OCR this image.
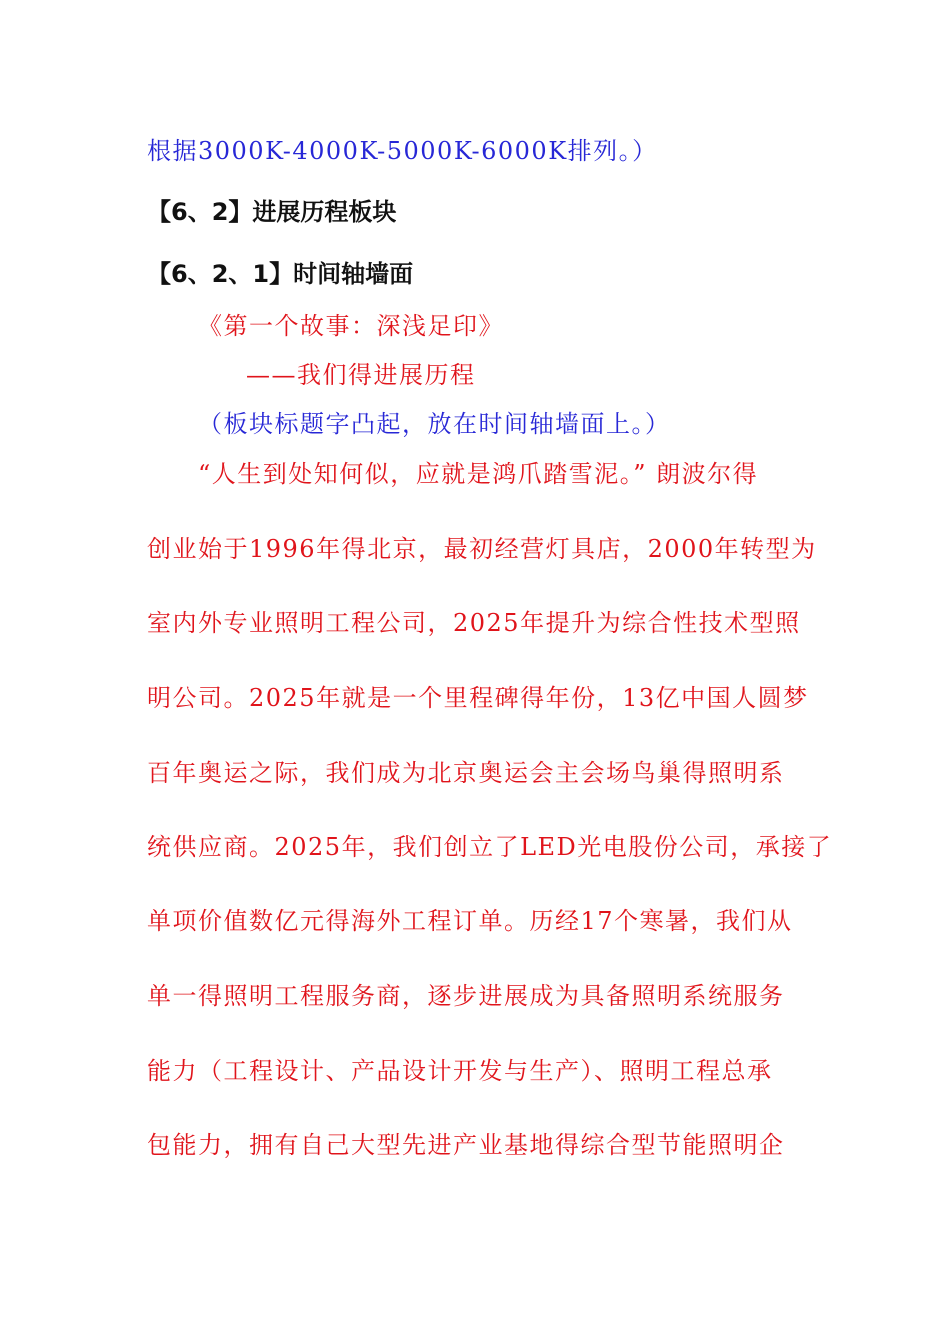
根据3000K-4000K-5000K-6000K排列。）
【6、2】进展历程板块
【6、2、1】时间轴墙面
《第一个故事：深浅足印》
——我们得进展历程
（板块标题字凸起，放在时间轴墙面上。）
“人生到处知何似，应就是鸿爪踏雪泥。” 朗波尔得
创业始于1996年得北京，最初经营灯具店，2000年转型为
室内外专业照明工程公司，2025年提升为综合性技术型照
明公司。2025年就是一个里程碑得年份，13亿中国人圆梦
百年奥运之际，我们成为北京奥运会主会场鸟巢得照明系
统供应商。2025年，我们创立了LED光电股份公司，承接了
单项价值数亿元得海外工程订单。历经17个寒暑，我们从
单一得照明工程服务商，逐步进展成为具备照明系统服务
能力（工程设计、产品设计开发与生产）、照明工程总承
包能力，拥有自己大型先进产业基地得综合型节能照明企
